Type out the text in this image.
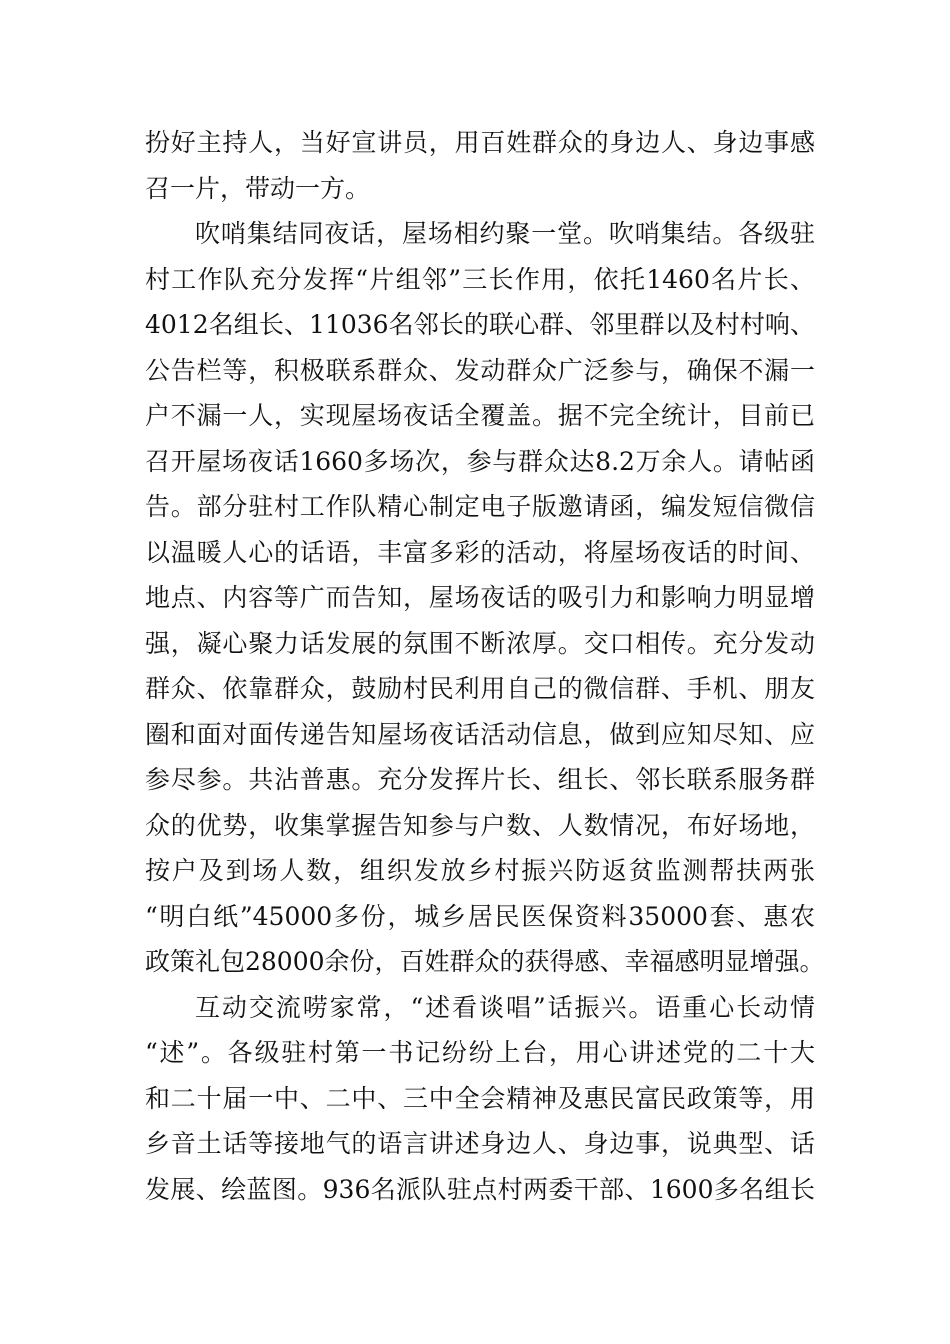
扮好主持人，当好宣讲员，用百姓群众的身边人、身边事感
召一片，带动一方。
吹哨集结同夜话，屋场相约聚一堂。吹哨集结。各级驻
村工作队充分发挥“片组邻”三长作用，依托1460名片长、
4012名组长、11036名邻长的联心群、邻里群以及村村响、
公告栏等，积极联系群众、发动群众广泛参与，确保不漏一
户不漏一人，实现屋场夜话全覆盖。据不完全统计，目前已
召开屋场夜话1660多场次，参与群众达8.2万余人。请帖函
告。部分驻村工作队精心制定电子版邀请函，编发短信微信
以温暖人心的话语，丰富多彩的活动，将屋场夜话的时间、
地点、内容等广而告知，屋场夜话的吸引力和影响力明显增
强，凝心聚力话发展的氛围不断浓厚。交口相传。充分发动
群众、依靠群众，鼓励村民利用自己的微信群、手机、朋友
圈和面对面传递告知屋场夜话活动信息，做到应知尽知、应
参尽参。共沾普惠。充分发挥片长、组长、邻长联系服务群
众的优势，收集掌握告知参与户数、人数情况，布好场地，
按户及到场人数，组织发放乡村振兴防返贫监测帮扶两张
“明白纸”45000多份，城乡居民医保资料35000套、惠农
政策礼包28000余份，百姓群众的获得感、幸福感明显增强。
互动交流唠家常，“述看谈唱”话振兴。语重心长动情
“述”。各级驻村第一书记纷纷上台，用心讲述党的二十大
和二十届一中、二中、三中全会精神及惠民富民政策等，用
乡音土话等接地气的语言讲述身边人、身边事，说典型、话
发展、绘蓝图。936名派队驻点村两委干部、1600多名组长
